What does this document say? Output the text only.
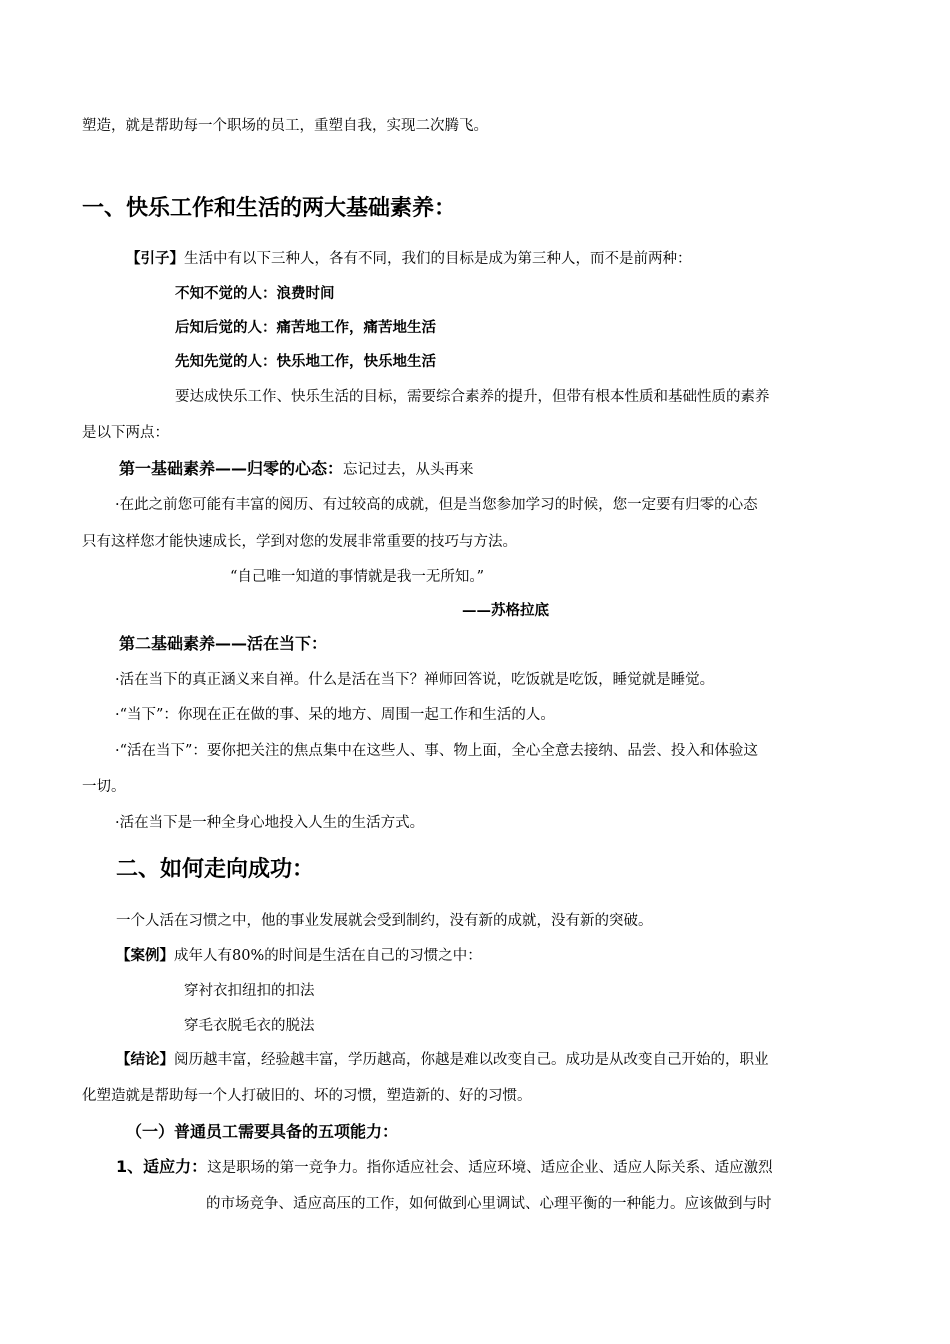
塑造，就是帮助每一个职场的员工，重塑自我，实现二次腾飞。
一、快乐工作和生活的两大基础素养：
【引子】生活中有以下三种人，各有不同，我们的目标是成为第三种人，而不是前两种：
不知不觉的人：浪费时间
后知后觉的人：痛苦地工作，痛苦地生活
先知先觉的人：快乐地工作，快乐地生活
要达成快乐工作、快乐生活的目标，需要综合素养的提升，但带有根本性质和基础性质的素养
是以下两点：
第一基础素养——归零的心态：忘记过去，从头再来
·在此之前您可能有丰富的阅历、有过较高的成就，但是当您参加学习的时候，您一定要有归零的心态
只有这样您才能快速成长，学到对您的发展非常重要的技巧与方法。
“自己唯一知道的事情就是我一无所知。”
——苏格拉底
第二基础素养——活在当下：
·活在当下的真正涵义来自禅。什么是活在当下？禅师回答说，吃饭就是吃饭，睡觉就是睡觉。
·“当下”：你现在正在做的事、呆的地方、周围一起工作和生活的人。
·“活在当下”：要你把关注的焦点集中在这些人、事、物上面，全心全意去接纳、品尝、投入和体验这
一切。
·活在当下是一种全身心地投入人生的生活方式。
二、如何走向成功：
一个人活在习惯之中，他的事业发展就会受到制约，没有新的成就，没有新的突破。
【案例】成年人有80%的时间是生活在自己的习惯之中：
穿衬衣扣纽扣的扣法
穿毛衣脱毛衣的脱法
【结论】阅历越丰富，经验越丰富，学历越高，你越是难以改变自己。成功是从改变自己开始的，职业
化塑造就是帮助每一个人打破旧的、坏的习惯，塑造新的、好的习惯。
（一）普通员工需要具备的五项能力：
1、适应力：这是职场的第一竞争力。指你适应社会、适应环境、适应企业、适应人际关系、适应激烈
的市场竞争、适应高压的工作，如何做到心里调试、心理平衡的一种能力。应该做到与时
